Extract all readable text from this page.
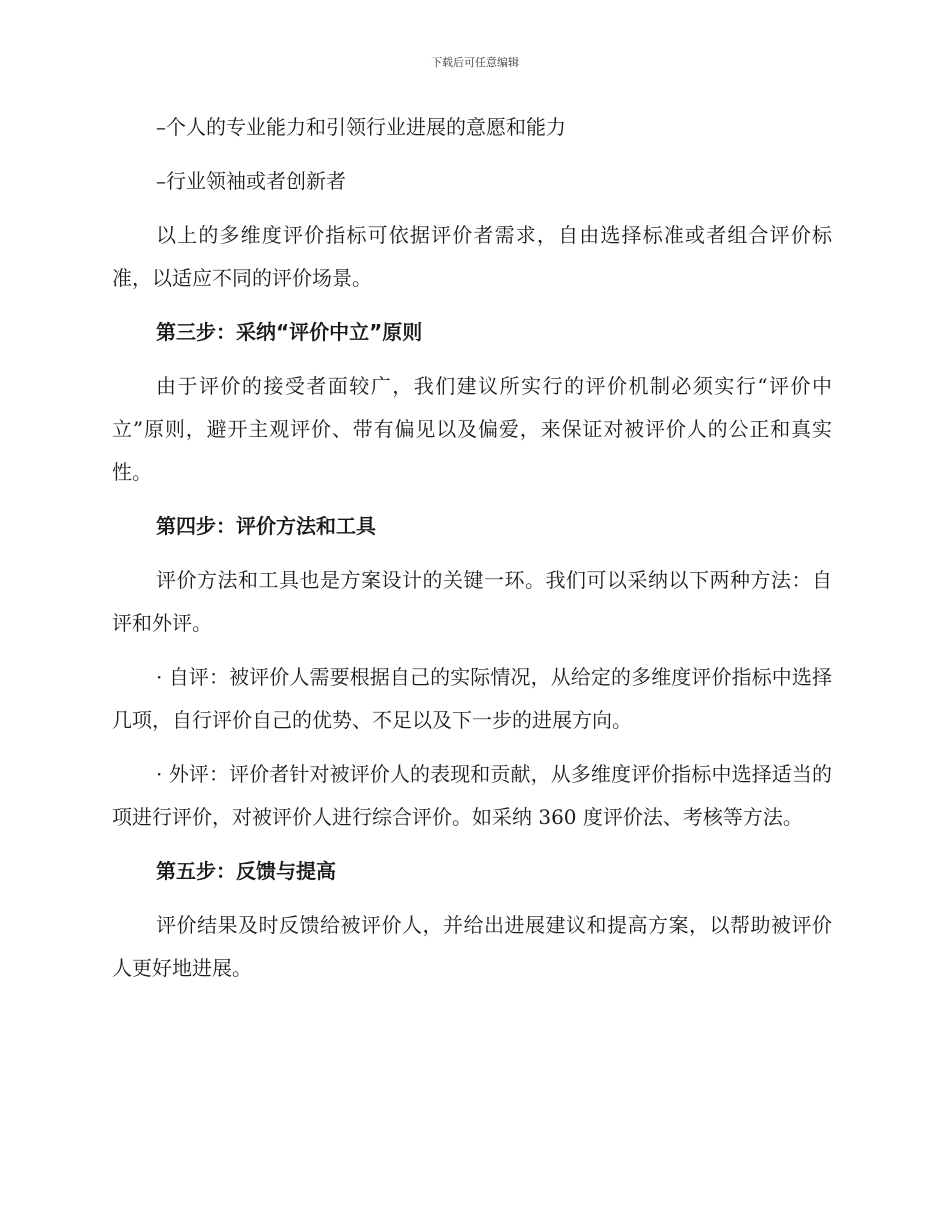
下载后可任意编辑

–个人的专业能力和引领行业进展的意愿和能力

–行业领袖或者创新者

以上的多维度评价指标可依据评价者需求，自由选择标准或者组合评价标准，以适应不同的评价场景。

第三步：采纳“评价中立”原则

由于评价的接受者面较广，我们建议所实行的评价机制必须实行“评价中立”原则，避开主观评价、带有偏见以及偏爱，来保证对被评价人的公正和真实性。

第四步：评价方法和工具

评价方法和工具也是方案设计的关键一环。我们可以采纳以下两种方法：自评和外评。

· 自评：被评价人需要根据自己的实际情况，从给定的多维度评价指标中选择几项，自行评价自己的优势、不足以及下一步的进展方向。

· 外评：评价者针对被评价人的表现和贡献，从多维度评价指标中选择适当的项进行评价，对被评价人进行综合评价。如采纳 360 度评价法、考核等方法。

第五步：反馈与提高

评价结果及时反馈给被评价人，并给出进展建议和提高方案，以帮助被评价人更好地进展。
